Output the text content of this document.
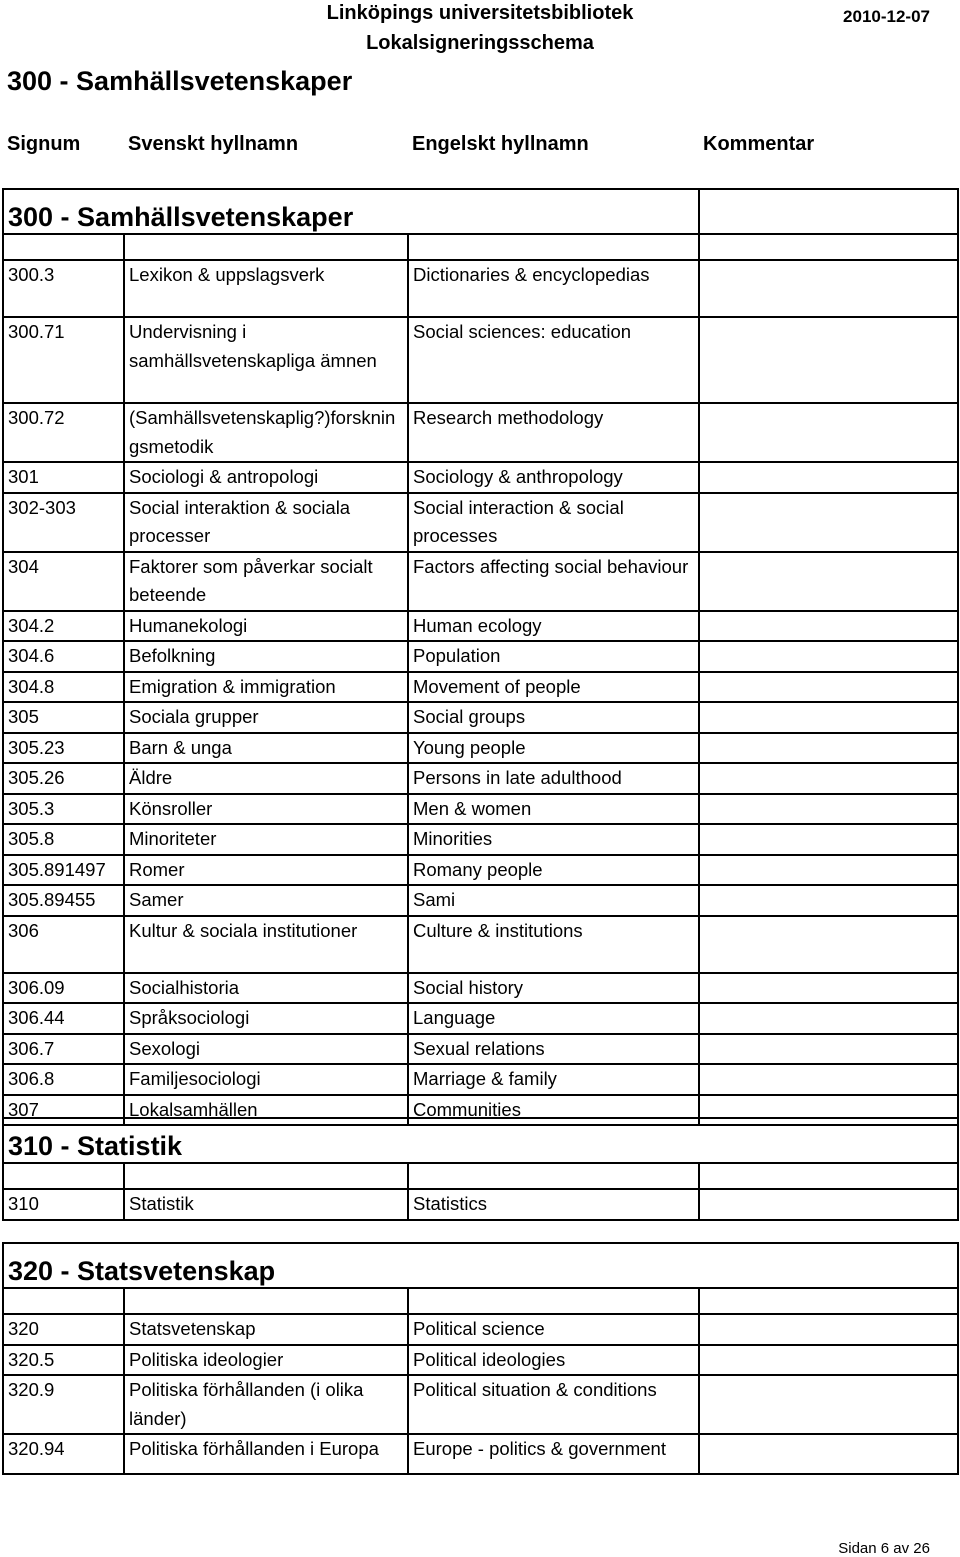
Linköpings universitetsbibliotek
Lokalsigneringsschema
2010-12-07
300 - Samhällsvetenskaper
Signum Svenskt hyllnamn	Engelskt hyllnamn	Kommentar
300 - Samhällsvetenskaper			

300.3	Lexikon & uppslagsverk	Dictionaries & encyclopedias	
300.71	Undervisning i samhällsvetenskapliga ämnen	Social sciences: education	
300.72	(Samhällsvetenskaplig?)forskningsmetodik	Research methodology	
301	Sociologi & antropologi	Sociology & anthropology	
302-303	Social interaktion & sociala processer	Social interaction & social processes	
304	Faktorer som påverkar socialt beteende	Factors affecting social behaviour	
304.2	Humanekologi	Human ecology	
304.6	Befolkning	Population	
304.8	Emigration & immigration	Movement of people	
305	Sociala grupper	Social groups	
305.23	Barn & unga	Young people	
305.26	Äldre	Persons in late adulthood	
305.3	Könsroller	Men & women	
305.8	Minoriteter	Minorities	
305.891497	Romer	Romany people	
305.89455	Samer	Sami	
306	Kultur & sociala institutioner	Culture & institutions	
306.09	Socialhistoria	Social history	
306.44	Språksociologi	Language	
306.7	Sexologi	Sexual relations	
306.8	Familjesociologi	Marriage & family	
307	Lokalsamhällen	Communities	
310 - Statistik			

310	Statistik	Statistics	
320 - Statsvetenskap			

320	Statsvetenskap	Political science	
320.5	Politiska ideologier	Political ideologies	
320.9	Politiska förhållanden (i olika länder)	Political situation & conditions	
320.94	Politiska förhållanden i Europa	Europe - politics & government	
Sidan 6 av 26
